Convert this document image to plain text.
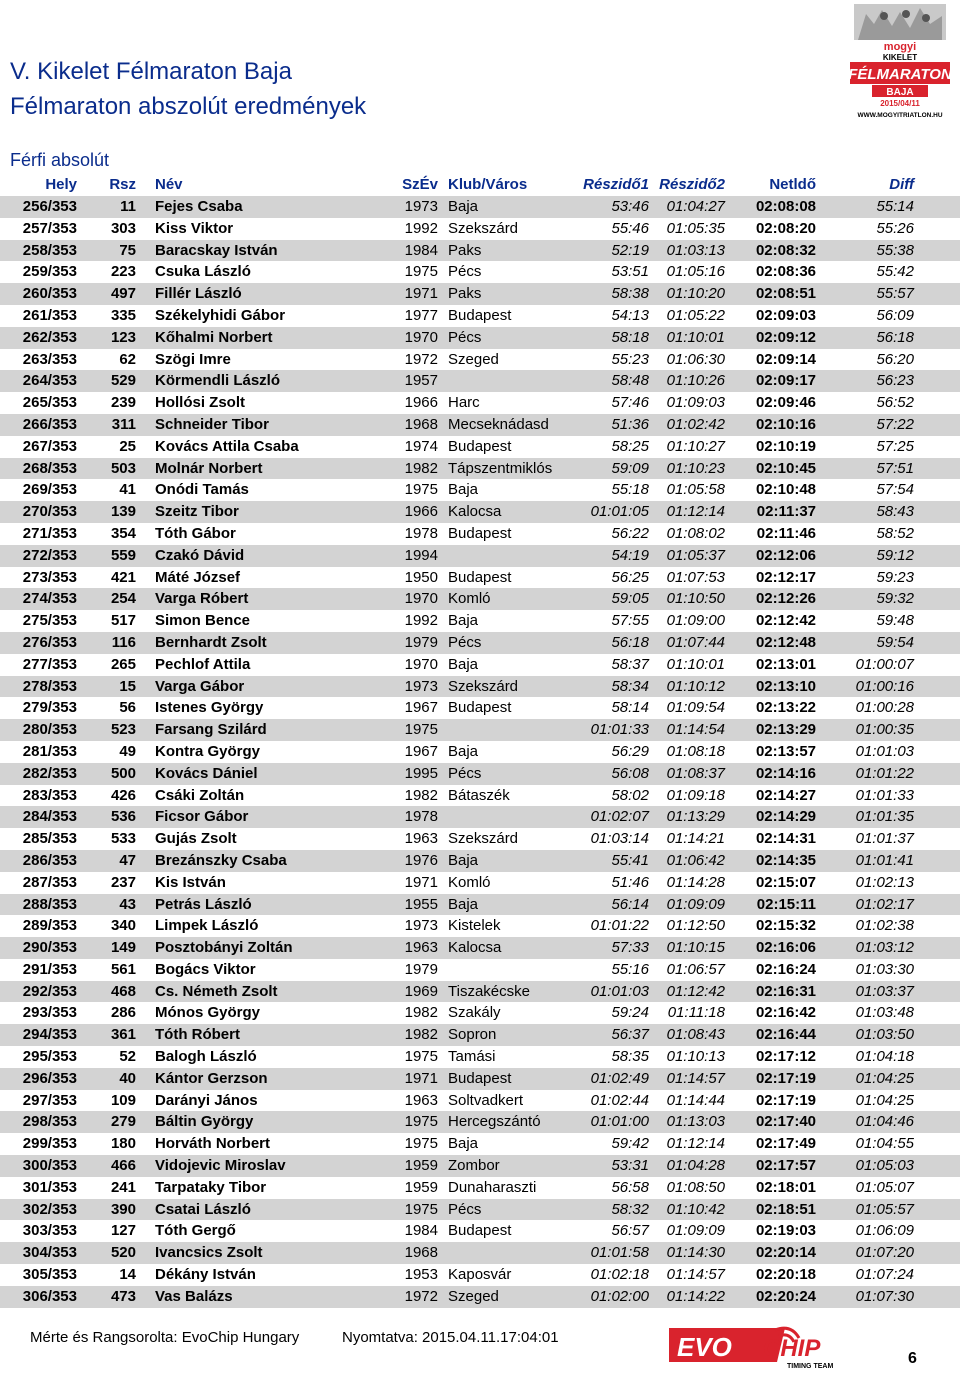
V. Kikelet Félmaraton Baja
Félmaraton abszolút eredmények
Férfi absolút
mogyi
KIKELET
FÉLMARATON
BAJA
2015/04/11
WWW.MOGYITRIATLON.HU
Hely	Rsz Név	SzÉv Klub/Város	Részidő1 Részidő2	Netldő	Diff
256/353	11 Fejes Csaba	1973 Baja	53:46	01:04:27	02:08:08	55:14
257/353	303 Kiss Viktor	1992 Szekszárd	55:46	01:05:35	02:08:20	55:26
258/353	75 Baracskay István	1984 Paks	52:19	01:03:13	02:08:32	55:38
259/353	223 Csuka László	1975 Pécs	53:51	01:05:16	02:08:36	55:42
260/353	497 Fillér László	1971 Paks	58:38	01:10:20	02:08:51	55:57
261/353	335 Székelyhidi Gábor	1977 Budapest	54:13	01:05:22	02:09:03	56:09
262/353	123 Kőhalmi Norbert	1970 Pécs	58:18	01:10:01	02:09:12	56:18
263/353	62 Szögi Imre	1972 Szeged	55:23	01:06:30	02:09:14	56:20
264/353	529 Körmendli László	1957	58:48	01:10:26	02:09:17	56:23
265/353	239 Hollósi Zsolt	1966 Harc	57:46	01:09:03	02:09:46	56:52
266/353	311 Schneider Tibor	1968 Mecseknádasd	51:36	01:02:42	02:10:16	57:22
267/353	25 Kovács Attila Csaba	1974 Budapest	58:25	01:10:27	02:10:19	57:25
268/353	503 Molnár Norbert	1982 Tápszentmiklós	59:09	01:10:23	02:10:45	57:51
269/353	41 Onódi Tamás	1975 Baja	55:18	01:05:58	02:10:48	57:54
270/353	139 Szeitz Tibor	1966 Kalocsa	01:01:05	01:12:14	02:11:37	58:43
271/353	354 Tóth Gábor	1978 Budapest	56:22	01:08:02	02:11:46	58:52
272/353	559 Czakó Dávid	1994	54:19	01:05:37	02:12:06	59:12
273/353	421 Máté József	1950 Budapest	56:25	01:07:53	02:12:17	59:23
274/353	254 Varga Róbert	1970 Komló	59:05	01:10:50	02:12:26	59:32
275/353	517 Simon Bence	1992 Baja	57:55	01:09:00	02:12:42	59:48
276/353	116 Bernhardt Zsolt	1979 Pécs	56:18	01:07:44	02:12:48	59:54
277/353	265 Pechlof Attila	1970 Baja	58:37	01:10:01	02:13:01	01:00:07
278/353	15 Varga Gábor	1973 Szekszárd	58:34	01:10:12	02:13:10	01:00:16
279/353	56 Istenes György	1967 Budapest	58:14	01:09:54	02:13:22	01:00:28
280/353	523 Farsang Szilárd	1975	01:01:33	01:14:54	02:13:29	01:00:35
281/353	49 Kontra György	1967 Baja	56:29	01:08:18	02:13:57	01:01:03
282/353	500 Kovács Dániel	1995 Pécs	56:08	01:08:37	02:14:16	01:01:22
283/353	426 Csáki Zoltán	1982 Bátaszék	58:02	01:09:18	02:14:27	01:01:33
284/353	536 Ficsor Gábor	1978	01:02:07	01:13:29	02:14:29	01:01:35
285/353	533 Gujás Zsolt	1963 Szekszárd	01:03:14	01:14:21	02:14:31	01:01:37
286/353	47 Brezánszky Csaba	1976 Baja	55:41	01:06:42	02:14:35	01:01:41
287/353	237 Kis István	1971 Komló	51:46	01:14:28	02:15:07	01:02:13
288/353	43 Petrás László	1955 Baja	56:14	01:09:09	02:15:11	01:02:17
289/353	340 Limpek László	1973 Kistelek	01:01:22	01:12:50	02:15:32	01:02:38
290/353	149 Posztobányi Zoltán	1963 Kalocsa	57:33	01:10:15	02:16:06	01:03:12
291/353	561 Bogács Viktor	1979	55:16	01:06:57	02:16:24	01:03:30
292/353	468 Cs. Németh Zsolt	1969 Tiszakécske	01:01:03	01:12:42	02:16:31	01:03:37
293/353	286 Mónos György	1982 Szakály	59:24	01:11:18	02:16:42	01:03:48
294/353	361 Tóth Róbert	1982 Sopron	56:37	01:08:43	02:16:44	01:03:50
295/353	52 Balogh László	1975 Tamási	58:35	01:10:13	02:17:12	01:04:18
296/353	40 Kántor Gerzson	1971 Budapest	01:02:49	01:14:57	02:17:19	01:04:25
297/353	109 Darányi János	1963 Soltvadkert	01:02:44	01:14:44	02:17:19	01:04:25
298/353	279 Báltin György	1975 Hercegszántó	01:01:00	01:13:03	02:17:40	01:04:46
299/353	180 Horváth Norbert	1975 Baja	59:42	01:12:14	02:17:49	01:04:55
300/353	466 Vidojevic Miroslav	1959 Zombor	53:31	01:04:28	02:17:57	01:05:03
301/353	241 Tarpataky Tibor	1959 Dunaharaszti	56:58	01:08:50	02:18:01	01:05:07
302/353	390 Csatai László	1975 Pécs	58:32	01:10:42	02:18:51	01:05:57
303/353	127 Tóth Gergő	1984 Budapest	56:57	01:09:09	02:19:03	01:06:09
304/353	520 Ivancsics Zsolt	1968	01:01:58	01:14:30	02:20:14	01:07:20
305/353	14 Dékány István	1953 Kaposvár	01:02:18	01:14:57	02:20:18	01:07:24
306/353	473 Vas Balázs	1972 Szeged	01:02:00	01:14:22	02:20:24	01:07:30
Mérte és Rangsorolta: EvoChip Hungary	Nyomtatva: 2015.04.11.17:04:01	EVO CHIP
TIMING TEAM	6
